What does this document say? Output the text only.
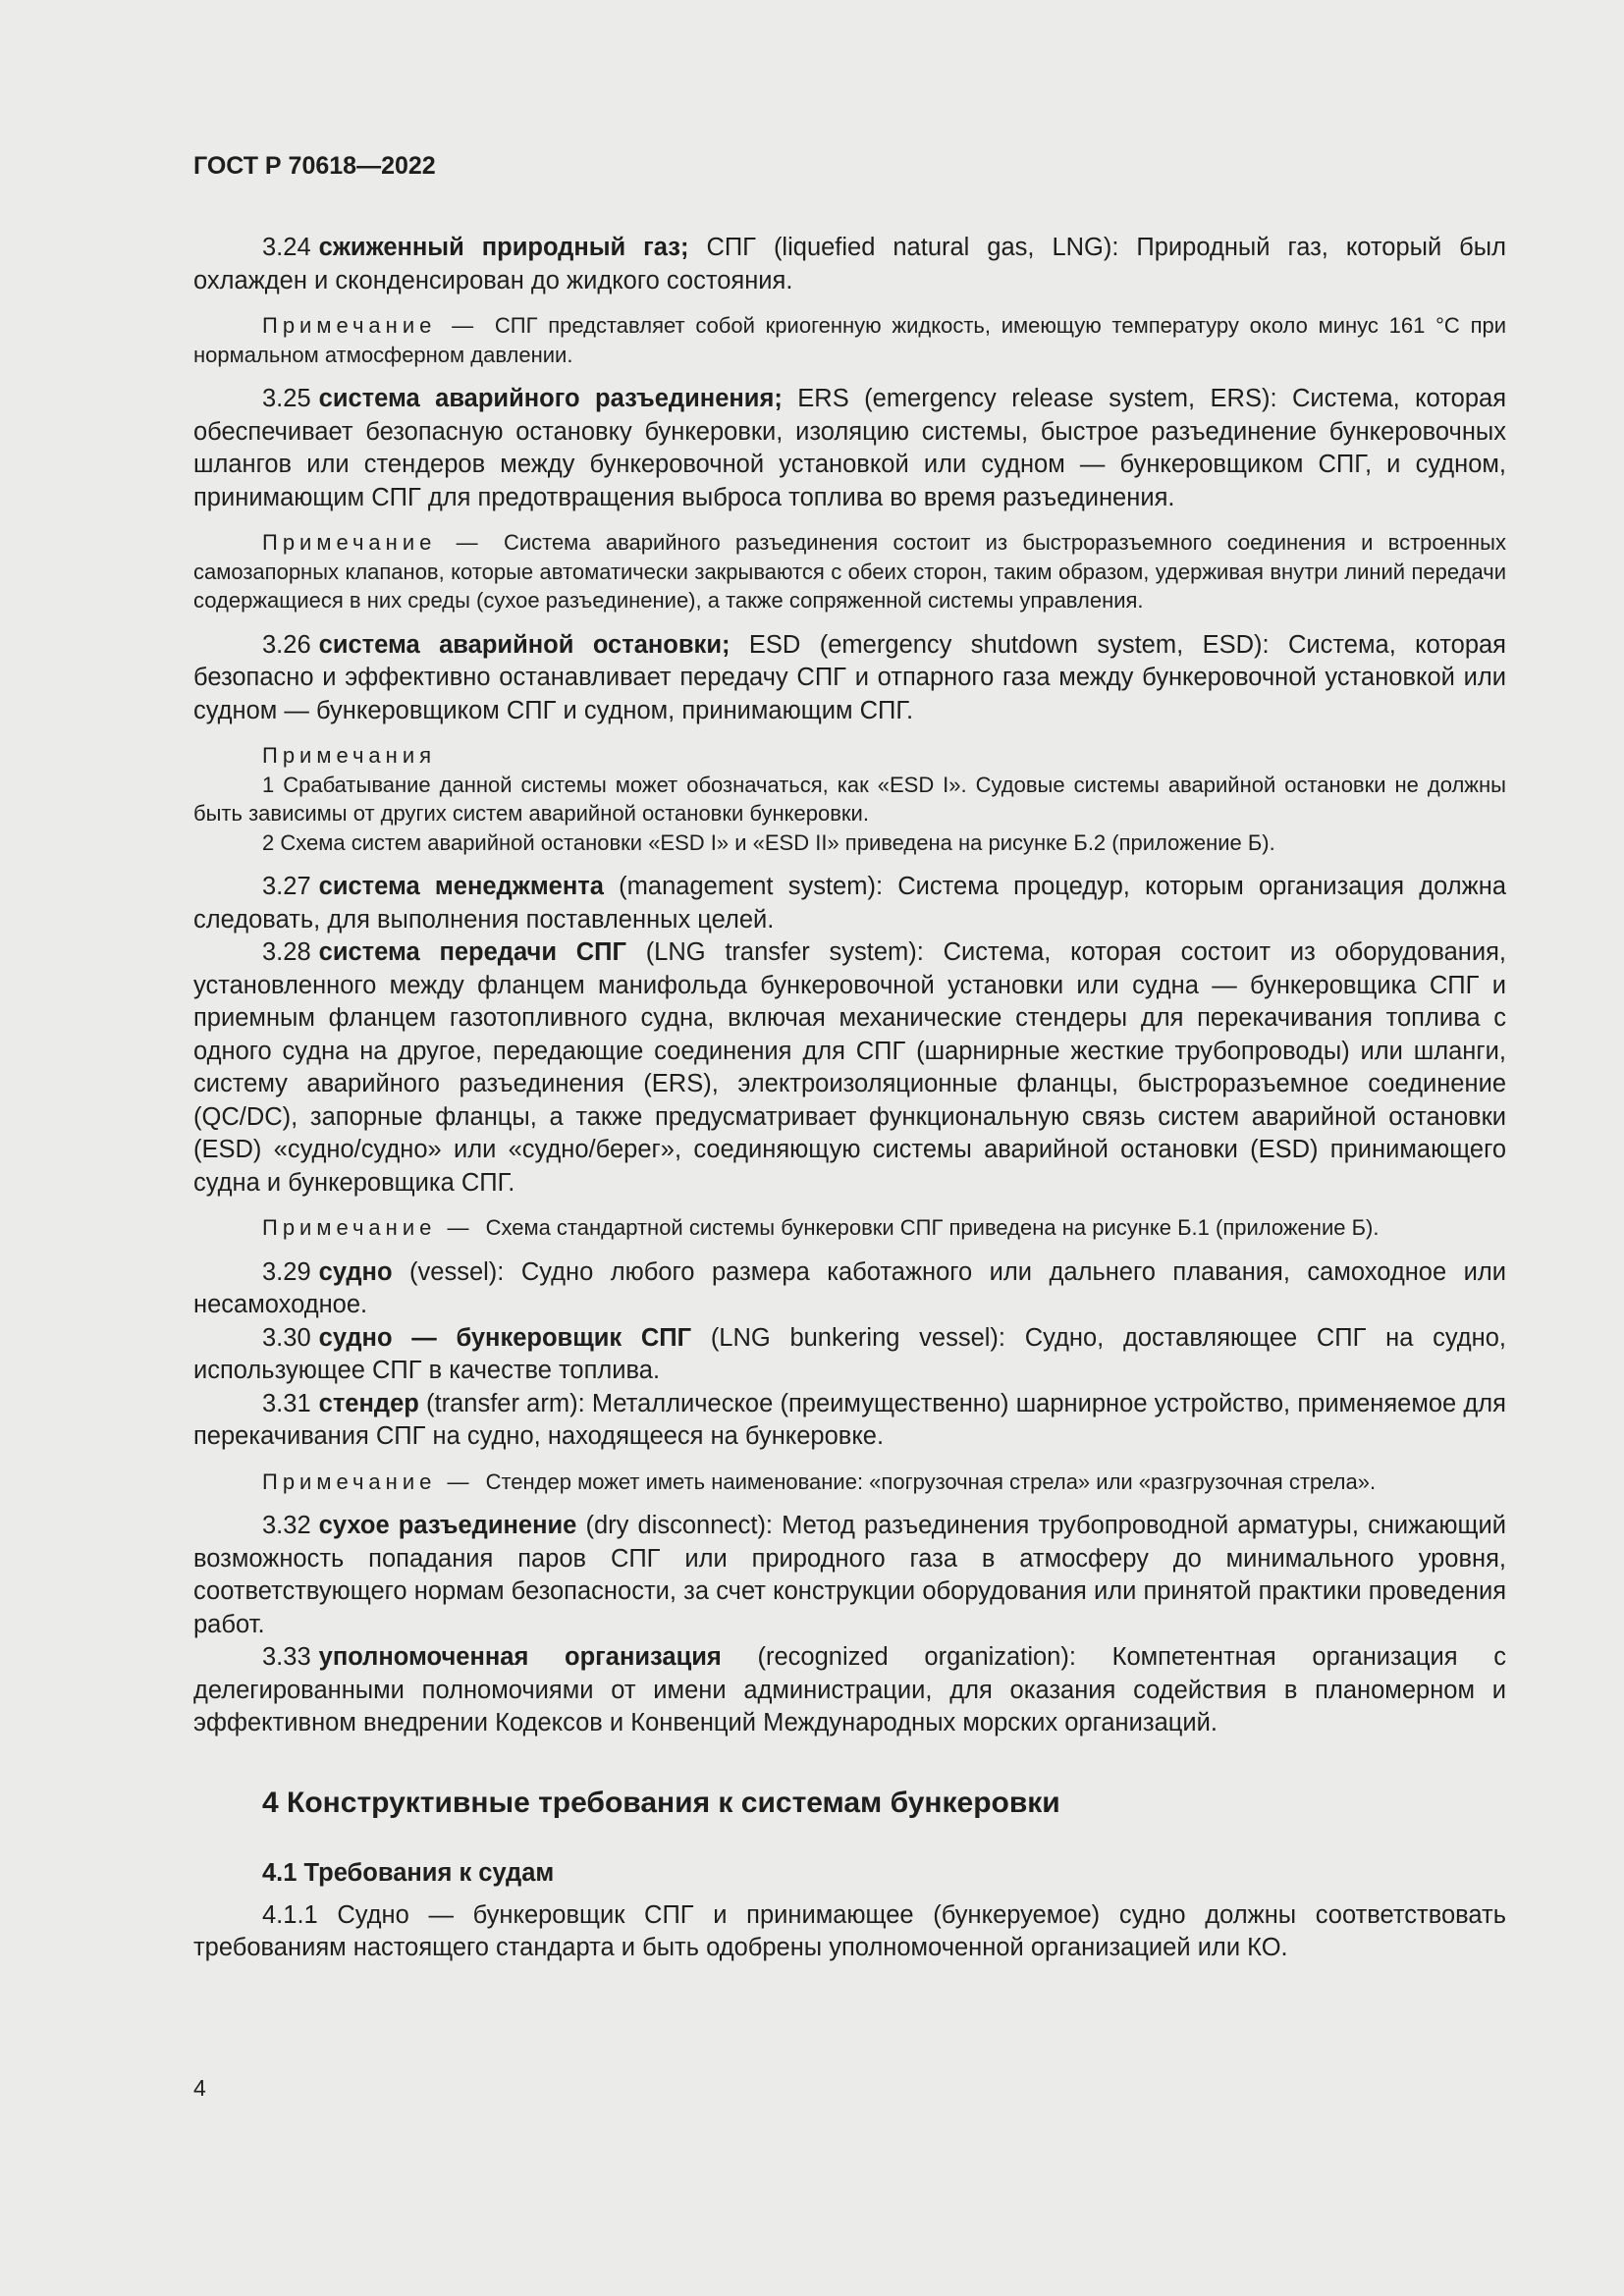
ГОСТ Р 70618—2022

3.24 сжиженный природный газ; СПГ (liquefied natural gas, LNG): Природный газ, который был охлажден и сконденсирован до жидкого состояния.

Примечание — СПГ представляет собой криогенную жидкость, имеющую температуру около минус 161 °С при нормальном атмосферном давлении.

3.25 система аварийного разъединения; ERS (emergency release system, ERS): Система, которая обеспечивает безопасную остановку бункеровки, изоляцию системы, быстрое разъединение бункеровочных шлангов или стендеров между бункеровочной установкой или судном — бункеровщиком СПГ, и судном, принимающим СПГ для предотвращения выброса топлива во время разъединения.

Примечание — Система аварийного разъединения состоит из быстроразъемного соединения и встроенных самозапорных клапанов, которые автоматически закрываются с обеих сторон, таким образом, удерживая внутри линий передачи содержащиеся в них среды (сухое разъединение), а также сопряженной системы управления.

3.26 система аварийной остановки; ESD (emergency shutdown system, ESD): Система, которая безопасно и эффективно останавливает передачу СПГ и отпарного газа между бункеровочной установкой или судном — бункеровщиком СПГ и судном, принимающим СПГ.

Примечания

1 Срабатывание данной системы может обозначаться, как «ESD I». Судовые системы аварийной остановки не должны быть зависимы от других систем аварийной остановки бункеровки.

2 Схема систем аварийной остановки «ESD I» и «ESD II» приведена на рисунке Б.2 (приложение Б).

3.27 система менеджмента (management system): Система процедур, которым организация должна следовать, для выполнения поставленных целей.

3.28 система передачи СПГ (LNG transfer system): Система, которая состоит из оборудования, установленного между фланцем манифольда бункеровочной установки или судна — бункеровщика СПГ и приемным фланцем газотопливного судна, включая механические стендеры для перекачивания топлива с одного судна на другое, передающие соединения для СПГ (шарнирные жесткие трубопроводы) или шланги, систему аварийного разъединения (ERS), электроизоляционные фланцы, быстроразъемное соединение (QC/DC), запорные фланцы, а также предусматривает функциональную связь систем аварийной остановки (ESD) «судно/судно» или «судно/берег», соединяющую системы аварийной остановки (ESD) принимающего судна и бункеровщика СПГ.

Примечание — Схема стандартной системы бункеровки СПГ приведена на рисунке Б.1 (приложение Б).

3.29 судно (vessel): Судно любого размера каботажного или дальнего плавания, самоходное или несамоходное.

3.30 судно — бункеровщик СПГ (LNG bunkering vessel): Судно, доставляющее СПГ на судно, использующее СПГ в качестве топлива.

3.31 стендер (transfer arm): Металлическое (преимущественно) шарнирное устройство, применяемое для перекачивания СПГ на судно, находящееся на бункеровке.

Примечание — Стендер может иметь наименование: «погрузочная стрела» или «разгрузочная стрела».

3.32 сухое разъединение (dry disconnect): Метод разъединения трубопроводной арматуры, снижающий возможность попадания паров СПГ или природного газа в атмосферу до минимального уровня, соответствующего нормам безопасности, за счет конструкции оборудования или принятой практики проведения работ.

3.33 уполномоченная организация (recognized organization): Компетентная организация с делегированными полномочиями от имени администрации, для оказания содействия в планомерном и эффективном внедрении Кодексов и Конвенций Международных морских организаций.

4 Конструктивные требования к системам бункеровки
4.1 Требования к судам

4.1.1 Судно — бункеровщик СПГ и принимающее (бункеруемое) судно должны соответствовать требованиям настоящего стандарта и быть одобрены уполномоченной организацией или КО.

4
